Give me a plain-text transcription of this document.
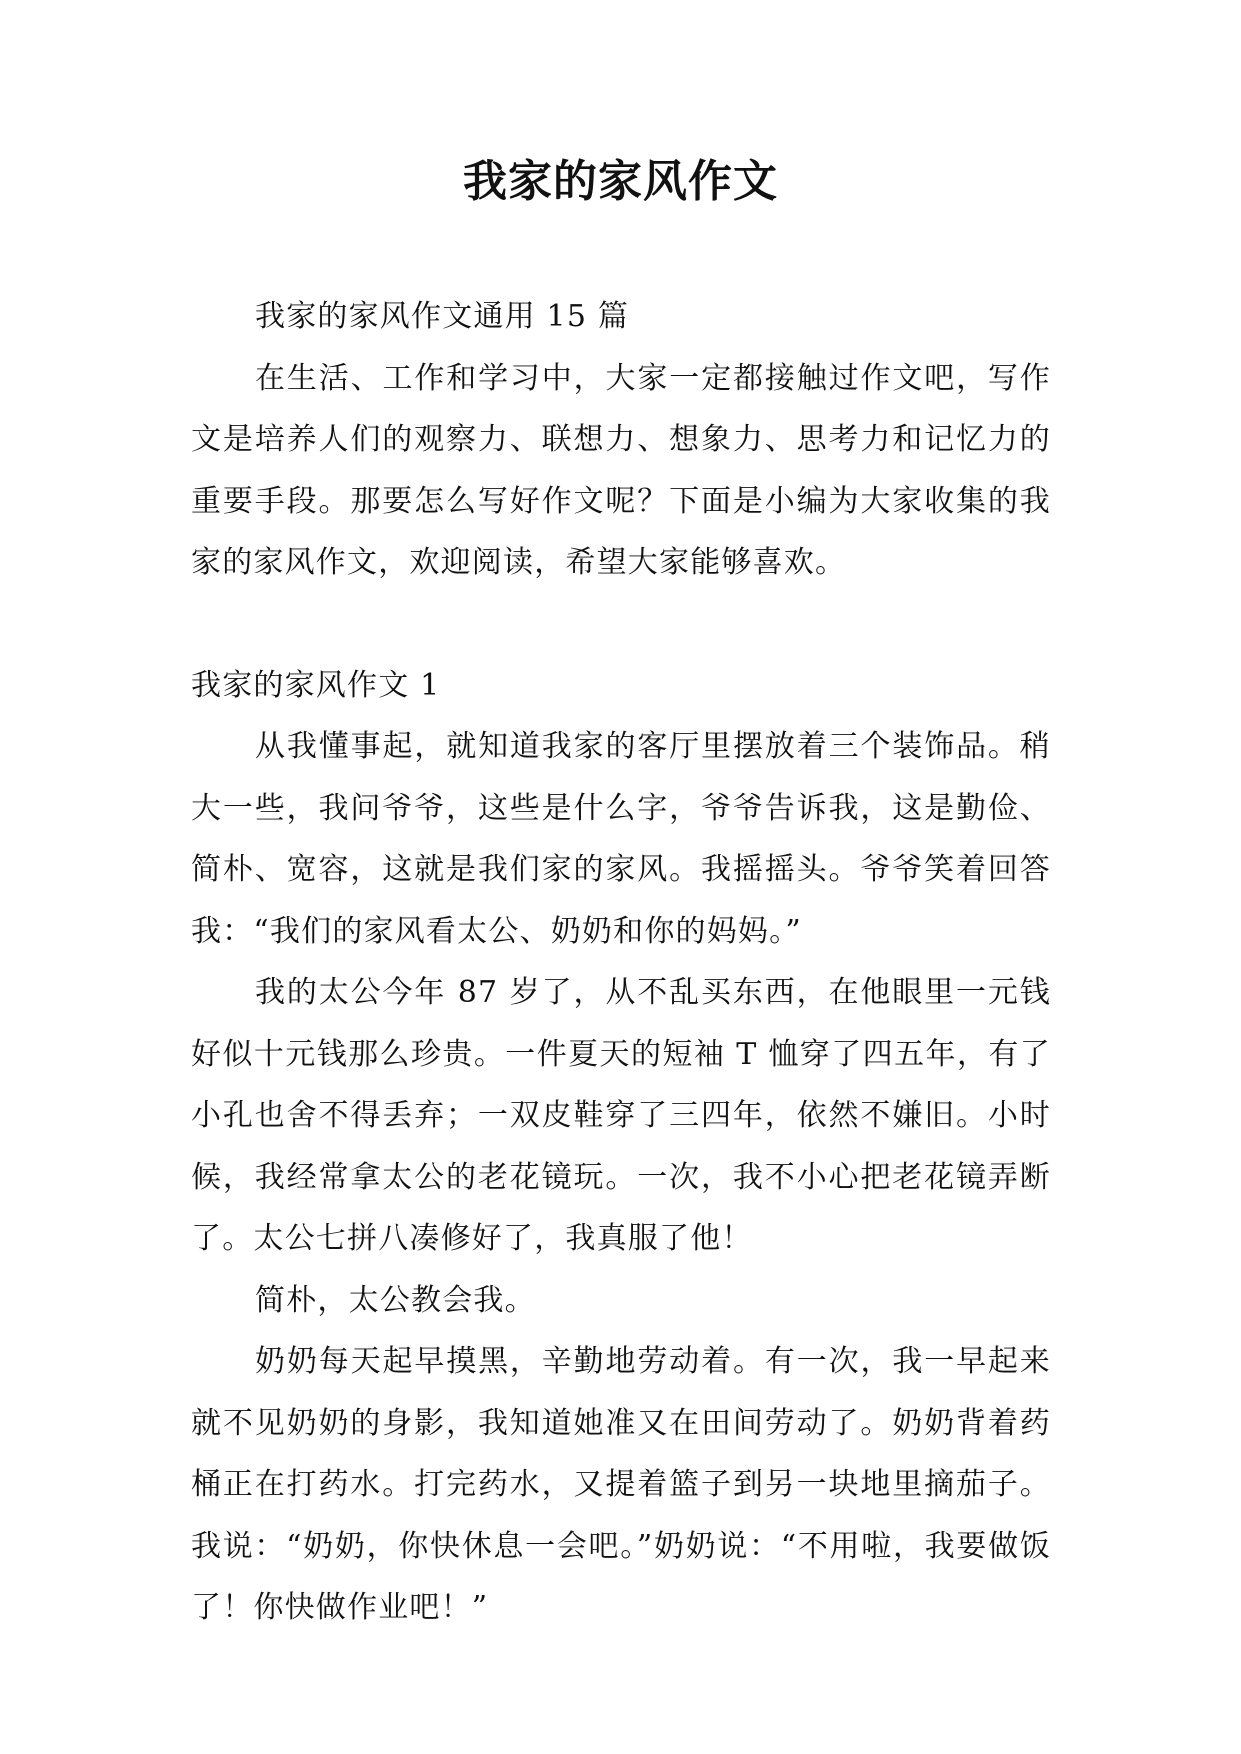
我家的家风作文

我家的家风作文通用 15 篇

在生活、工作和学习中，大家一定都接触过作文吧，写作文是培养人们的观察力、联想力、想象力、思考力和记忆力的重要手段。那要怎么写好作文呢？下面是小编为大家收集的我家的家风作文，欢迎阅读，希望大家能够喜欢。

我家的家风作文 1

从我懂事起，就知道我家的客厅里摆放着三个装饰品。稍大一些，我问爷爷，这些是什么字，爷爷告诉我，这是勤俭、简朴、宽容，这就是我们家的家风。我摇摇头。爷爷笑着回答我：“我们的家风看太公、奶奶和你的妈妈。”

我的太公今年 87 岁了，从不乱买东西，在他眼里一元钱好似十元钱那么珍贵。一件夏天的短袖 T 恤穿了四五年，有了小孔也舍不得丢弃；一双皮鞋穿了三四年，依然不嫌旧。小时候，我经常拿太公的老花镜玩。一次，我不小心把老花镜弄断了。太公七拼八凑修好了，我真服了他！

简朴，太公教会我。

奶奶每天起早摸黑，辛勤地劳动着。有一次，我一早起来就不见奶奶的身影，我知道她准又在田间劳动了。奶奶背着药桶正在打药水。打完药水，又提着篮子到另一块地里摘茄子。我说：“奶奶，你快休息一会吧。”奶奶说：“不用啦，我要做饭了！你快做作业吧！”
